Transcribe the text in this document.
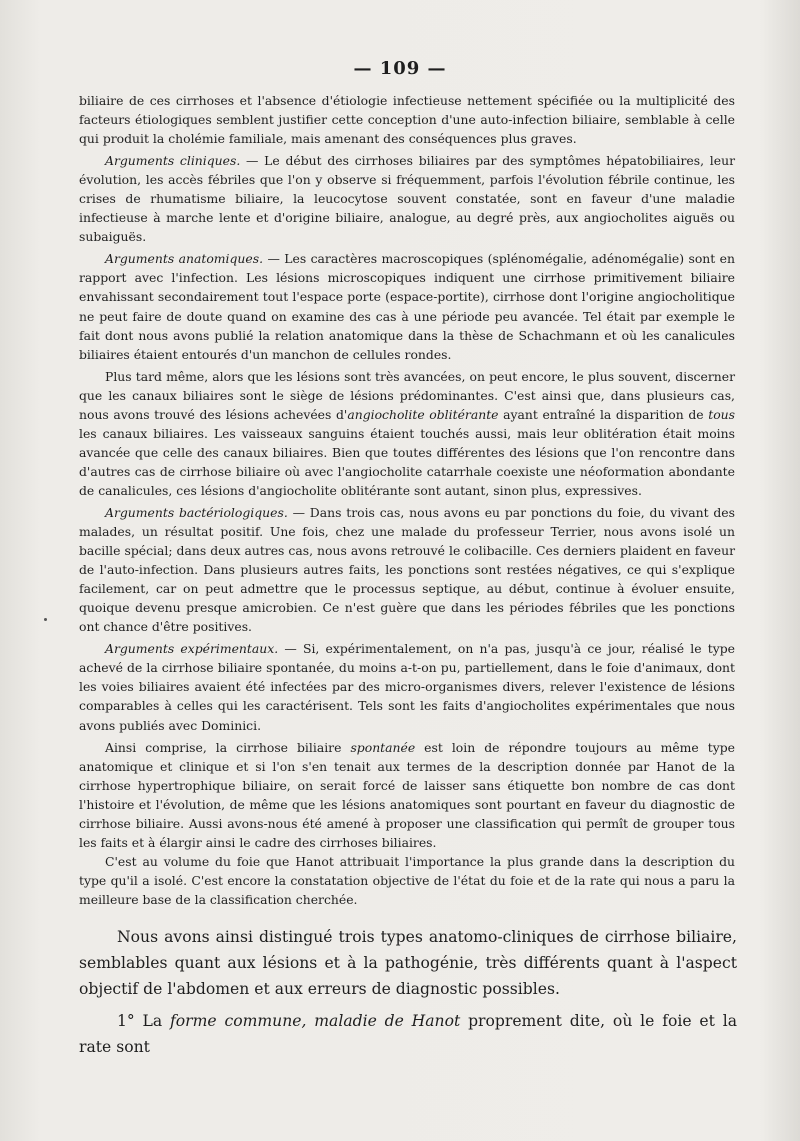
— 109 —

biliaire de ces cirrhoses et l'absence d'étiologie infectieuse nettement spécifiée ou la multiplicité des facteurs étiologiques semblent justifier cette conception d'une auto-infection biliaire, semblable à celle qui produit la cholémie familiale, mais amenant des conséquences plus graves.

Arguments cliniques. — Le début des cirrhoses biliaires par des symptômes hépatobiliaires, leur évolution, les accès fébriles que l'on y observe si fréquemment, parfois l'évolution fébrile continue, les crises de rhumatisme biliaire, la leucocytose souvent constatée, sont en faveur d'une maladie infectieuse à marche lente et d'origine biliaire, analogue, au degré près, aux angiocholites aiguës ou subaiguës.

Arguments anatomiques. — Les caractères macroscopiques (splénomégalie, adénomégalie) sont en rapport avec l'infection. Les lésions microscopiques indiquent une cirrhose primitivement biliaire envahissant secondairement tout l'espace porte (espace-portite), cirrhose dont l'origine angiocholitique ne peut faire de doute quand on examine des cas à une période peu avancée. Tel était par exemple le fait dont nous avons publié la relation anatomique dans la thèse de Schachmann et où les canalicules biliaires étaient entourés d'un manchon de cellules rondes.

Plus tard même, alors que les lésions sont très avancées, on peut encore, le plus souvent, discerner que les canaux biliaires sont le siège de lésions prédominantes. C'est ainsi que, dans plusieurs cas, nous avons trouvé des lésions achevées d'angiocholite oblitérante ayant entraîné la disparition de tous les canaux biliaires. Les vaisseaux sanguins étaient touchés aussi, mais leur oblitération était moins avancée que celle des canaux biliaires. Bien que toutes différentes des lésions que l'on rencontre dans d'autres cas de cirrhose biliaire où avec l'angiocholite catarrhale coexiste une néoformation abondante de canalicules, ces lésions d'angiocholite oblitérante sont autant, sinon plus, expressives.

Arguments bactériologiques. — Dans trois cas, nous avons eu par ponctions du foie, du vivant des malades, un résultat positif. Une fois, chez une malade du professeur Terrier, nous avons isolé un bacille spécial; dans deux autres cas, nous avons retrouvé le colibacille. Ces derniers plaident en faveur de l'auto-infection. Dans plusieurs autres faits, les ponctions sont restées négatives, ce qui s'explique facilement, car on peut admettre que le processus septique, au début, continue à évoluer ensuite, quoique devenu presque amicrobien. Ce n'est guère que dans les périodes fébriles que les ponctions ont chance d'être positives.

Arguments expérimentaux. — Si, expérimentalement, on n'a pas, jusqu'à ce jour, réalisé le type achevé de la cirrhose biliaire spontanée, du moins a-t-on pu, partiellement, dans le foie d'animaux, dont les voies biliaires avaient été infectées par des micro-organismes divers, relever l'existence de lésions comparables à celles qui les caractérisent. Tels sont les faits d'angiocholites expérimentales que nous avons publiés avec Dominici.

Ainsi comprise, la cirrhose biliaire spontanée est loin de répondre toujours au même type anatomique et clinique et si l'on s'en tenait aux termes de la description donnée par Hanot de la cirrhose hypertrophique biliaire, on serait forcé de laisser sans étiquette bon nombre de cas dont l'histoire et l'évolution, de même que les lésions anatomiques sont pourtant en faveur du diagnostic de cirrhose biliaire. Aussi avons-nous été amené à proposer une classification qui permît de grouper tous les faits et à élargir ainsi le cadre des cirrhoses biliaires.

C'est au volume du foie que Hanot attribuait l'importance la plus grande dans la description du type qu'il a isolé. C'est encore la constatation objective de l'état du foie et de la rate qui nous a paru la meilleure base de la classification cherchée.

Nous avons ainsi distingué trois types anatomo-cliniques de cirrhose biliaire, semblables quant aux lésions et à la pathogénie, très différents quant à l'aspect objectif de l'abdomen et aux erreurs de diagnostic possibles.

1° La forme commune, maladie de Hanot proprement dite, où le foie et la rate sont
